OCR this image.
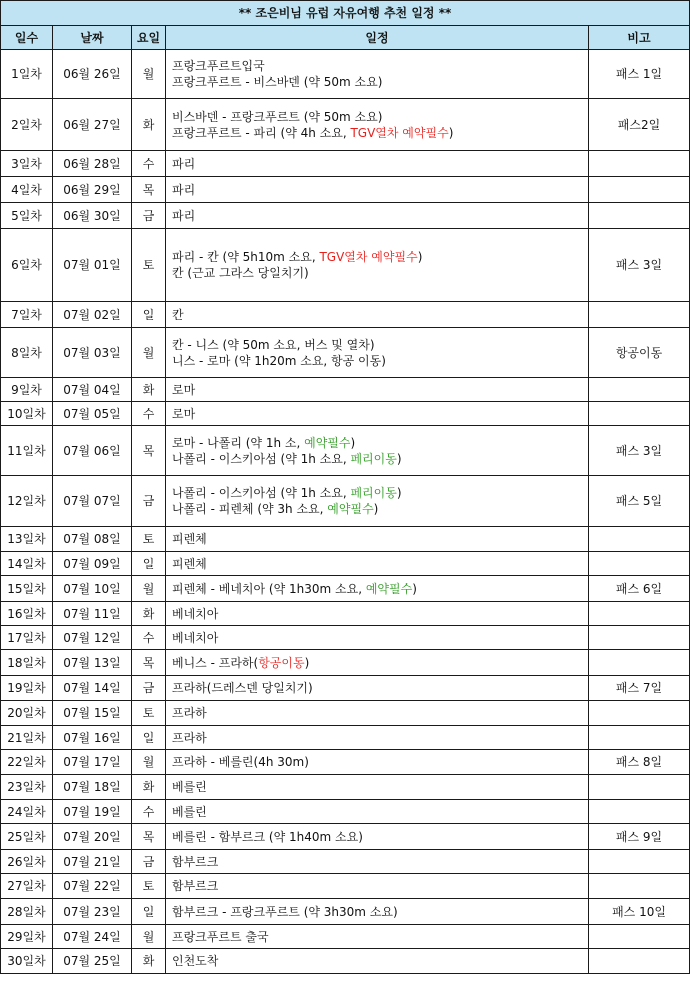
** 조은비님 유럽 자유여행 추천 일정 **				
일수	날짜	요일	일정	비고
1일차	06월 26일	월	프랑크푸르트입국
프랑크푸르트 - 비스바덴 (약 50m 소요)	패스 1일
2일차	06월 27일	화	비스바덴 - 프랑크푸르트 (약 50m 소요)
프랑크푸르트 - 파리 (약 4h 소요, TGV열차 예약필수)	패스2일
3일차	06월 28일	수	파리	

4일차	06월 29일	목	파리	

5일차	06월 30일	금	파리	

6일차	07월 01일	토	파리 - 칸 (약 5h10m 소요, TGV열차 예약필수)
칸 (근교 그라스 당일치기)	패스 3일
7일차	07월 02일	일	칸	

8일차	07월 03일	월	칸 - 니스 (약 50m 소요, 버스 및 열차)
니스 - 로마 (약 1h20m 소요, 항공 이동)	항공이동
9일차	07월 04일	화	로마	

10일차	07월 05일	수	로마	

11일차	07월 06일	목	로마 - 나폴리 (약 1h 소, 예약필수)
나폴리 - 이스키아섬 (약 1h 소요, 페리이동)	패스 3일
12일차	07월 07일	금	나폴리 - 이스키아섬 (약 1h 소요, 페리이동)
나폴리 - 피렌체 (약 3h 소요, 예약필수)	패스 5일
13일차	07월 08일	토	피렌체	

14일차	07월 09일	일	피렌체	

15일차	07월 10일	월	피렌체 - 베네치아 (약 1h30m 소요, 예약필수)	패스 6일
16일차	07월 11일	화	베네치아	

17일차	07월 12일	수	베네치아	

18일차	07월 13일	목	베니스 - 프라하(항공이동)	

19일차	07월 14일	금	프라하(드레스덴 당일치기)	패스 7일
20일차	07월 15일	토	프라하	

21일차	07월 16일	일	프라하	

22일차	07월 17일	월	프라하 - 베를린(4h 30m)	패스 8일
23일차	07월 18일	화	베를린	

24일차	07월 19일	수	베를린	

25일차	07월 20일	목	베를린 - 함부르크 (약 1h40m 소요)	패스 9일
26일차	07월 21일	금	함부르크	

27일차	07월 22일	토	함부르크	

28일차	07월 23일	일	함부르크 - 프랑크푸르트 (약 3h30m 소요)	패스 10일
29일차	07월 24일	월	프랑크푸르트 출국	

30일차	07월 25일	화	인천도착	
